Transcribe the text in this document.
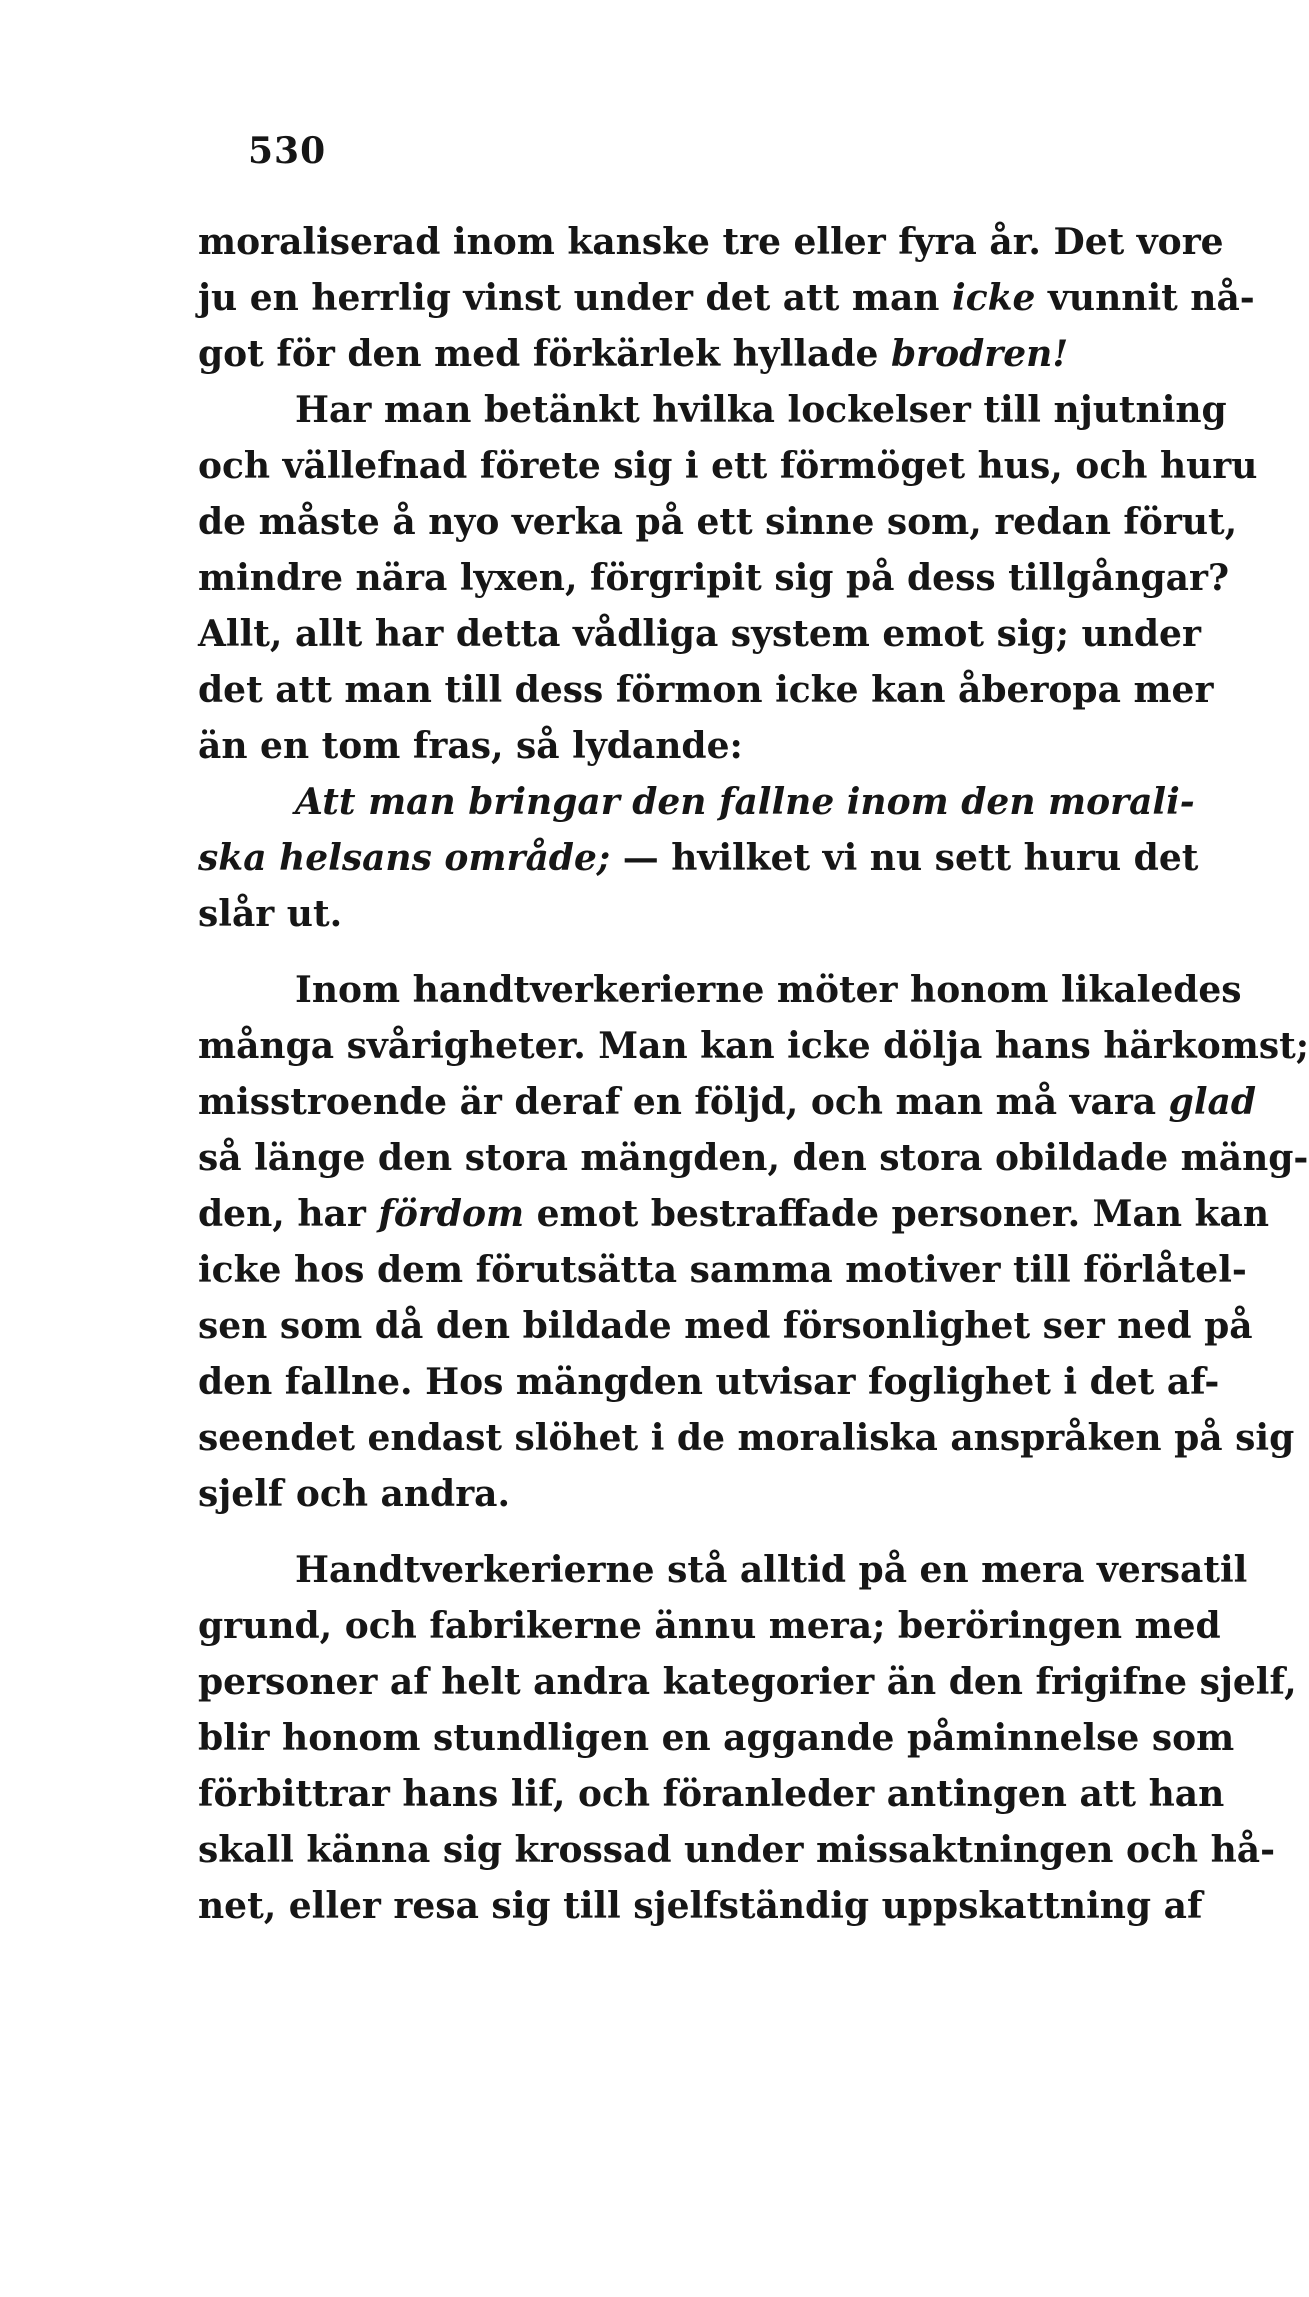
530
moraliserad inom kanske tre eller fyra år. Det vore
ju en herrlig vinst under det att man icke vunnit nå-
got för den med förkärlek hyllade brodren!
Har man betänkt hvilka lockelser till njutning
och vällefnad förete sig i ett förmöget hus, och huru
de måste å nyo verka på ett sinne som, redan förut,
mindre nära lyxen, förgripit sig på dess tillgångar?
Allt, allt har detta vådliga system emot sig; under
det att man till dess förmon icke kan åberopa mer
än en tom fras, så lydande:
Att man bringar den fallne inom den morali-
ska helsans område; — hvilket vi nu sett huru det
slår ut.
Inom handtverkerierne möter honom likaledes
många svårigheter. Man kan icke dölja hans härkomst;
misstroende är deraf en följd, och man må vara glad
så länge den stora mängden, den stora obildade mäng-
den, har fördom emot bestraffade personer. Man kan
icke hos dem förutsätta samma motiver till förlåtel-
sen som då den bildade med försonlighet ser ned på
den fallne. Hos mängden utvisar foglighet i det af-
seendet endast slöhet i de moraliska anspråken på sig
sjelf och andra.
Handtverkerierne stå alltid på en mera versatil
grund, och fabrikerne ännu mera; beröringen med
personer af helt andra kategorier än den frigifne sjelf,
blir honom stundligen en aggande påminnelse som
förbittrar hans lif, och föranleder antingen att han
skall känna sig krossad under missaktningen och hå-
net, eller resa sig till sjelfständig uppskattning af
